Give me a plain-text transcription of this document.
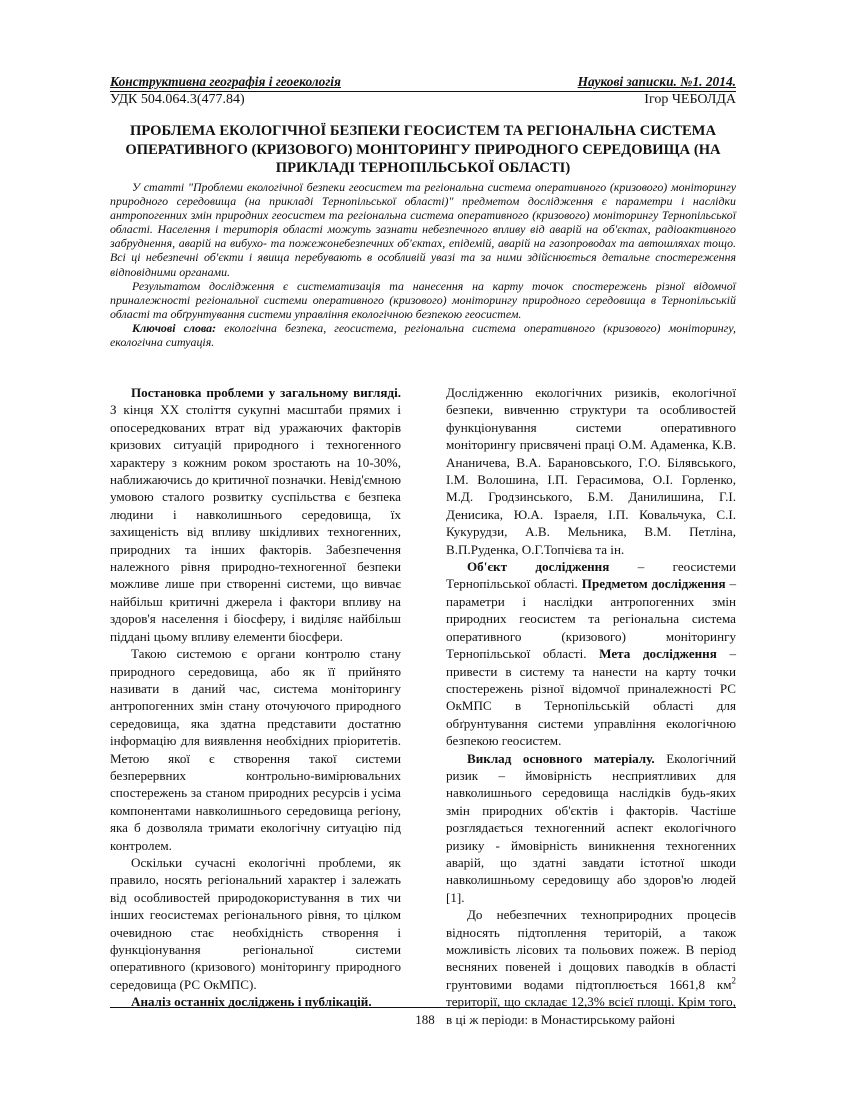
Конструктивна географія і геоекологія	Наукові записки. №1. 2014.
УДК 504.064.3(477.84)	Ігор ЧЕБОЛДА
ПРОБЛЕМА ЕКОЛОГІЧНОЇ БЕЗПЕКИ ГЕОСИСТЕМ ТА РЕГІОНАЛЬНА СИСТЕМА ОПЕРАТИВНОГО (КРИЗОВОГО) МОНІТОРИНГУ ПРИРОДНОГО СЕРЕДОВИЩА (НА ПРИКЛАДІ ТЕРНОПІЛЬСЬКОЇ ОБЛАСТІ)

У статті "Проблеми екологічної безпеки геосистем та регіональна система оперативного (кризового) моніторингу природного середовища (на прикладі Тернопільської області)" предметом дослідження є параметри і наслідки антропогенних змін природних геосистем та регіональна система оперативного (кризового) моніторингу Тернопільської області. Населення і територія області можуть зазнати небезпечного впливу від аварій на об'єктах, радіоактивного забруднення, аварій на вибухо- та пожежонебезпечних об'єктах, епідемій, аварій на газопроводах та автошляхах тощо. Всі ці небезпечні об'єкти і явища перебувають в особливій увазі та за ними здійснюється детальне спостереження відповідними органами.

Результатом дослідження є систематизація та нанесення на карту точок спостережень різної відомчої приналежності регіональної системи оперативного (кризового) моніторингу природного середовища в Тернопільській області та обґрунтування системи управління екологічною безпекою геосистем.

Ключові слова: екологічна безпека, геосистема, регіональна система оперативного (кризового) моніторингу, екологічна ситуація.

Постановка проблеми у загальному вигляді. З кінця XX століття сукупні масштаби прямих і опосередкованих втрат від уражаючих факторів кризових ситуацій природного і техногенного характеру з кожним роком зростають на 10-30%, наближаючись до критичної позначки. Невід'ємною умовою сталого розвитку суспільства є безпека людини і навколишнього середовища, їх захищеність від впливу шкідливих техногенних, природних та інших факторів. Забезпечення належного рівня природно-техногенної безпеки можливе лише при створенні системи, що вивчає найбільш критичні джерела і фактори впливу на здоров'я населення і біосферу, і виділяє найбільш піддані цьому впливу елементи біосфери.

Такою системою є органи контролю стану природного середовища, або як її прийнято називати в даний час, система моніторингу антропогенних змін стану оточуючого природного середовища, яка здатна представити достатню інформацію для виявлення необхідних пріоритетів. Метою якої є створення такої системи безперервних контрольно-вимірювальних спостережень за станом природних ресурсів і усіма компонентами навколишнього середовища регіону, яка б дозволяла тримати екологічну ситуацію під контролем.

Оскільки сучасні екологічні проблеми, як правило, носять регіональний характер і залежать від особливостей природокористування в тих чи інших геосистемах регіонального рівня, то цілком очевидною стає необхідність створення і функціонування регіональної системи оперативного (кризового) моніторингу природного середовища (РС ОкМПС).

Аналіз останніх досліджень і публікацій.

Дослідженню екологічних ризиків, екологічної безпеки, вивченню структури та особливостей функціонування системи оперативного моніторингу присвячені праці О.М. Адаменка, К.В. Ананичева, В.А. Барановського, Г.О. Білявського, І.М. Волошина, І.П. Герасимова, О.І. Горленко, М.Д. Гродзинського, Б.М. Данилишина, Г.І. Денисика, Ю.А. Ізраеля, І.П. Ковальчука, С.І. Кукурудзи, А.В. Мельника, В.М. Петліна, В.П.Руденка, О.Г.Топчієва та ін.

Об'єкт дослідження – геосистеми Тернопільської області. Предметом дослідження – параметри і наслідки антропогенних змін природних геосистем та регіональна система оперативного (кризового) моніторингу Тернопільської області. Мета дослідження – привести в систему та нанести на карту точки спостережень різної відомчої приналежності РС ОкМПС в Тернопільській області для обґрунтування системи управління екологічною безпекою геосистем.

Виклад основного матеріалу. Екологічний ризик – ймовірність несприятливих для навколишнього середовища наслідків будь-яких змін природних об'єктів і факторів. Частіше розглядається техногенний аспект екологічного ризику - ймовірність виникнення техногенних аварій, що здатні завдати істотної шкоди навколишньому середовищу або здоров'ю людей [1].

До небезпечних техноприродних процесів відносять підтоплення територій, а також можливість лісових та польових пожеж. В період весняних повеней і дощових паводків в області грунтовими водами підтоплюється 1661,8 $км^2$ території, що складає 12,3% всієї площі. Крім того, в ці ж періоди: в Монастирському районі

188
